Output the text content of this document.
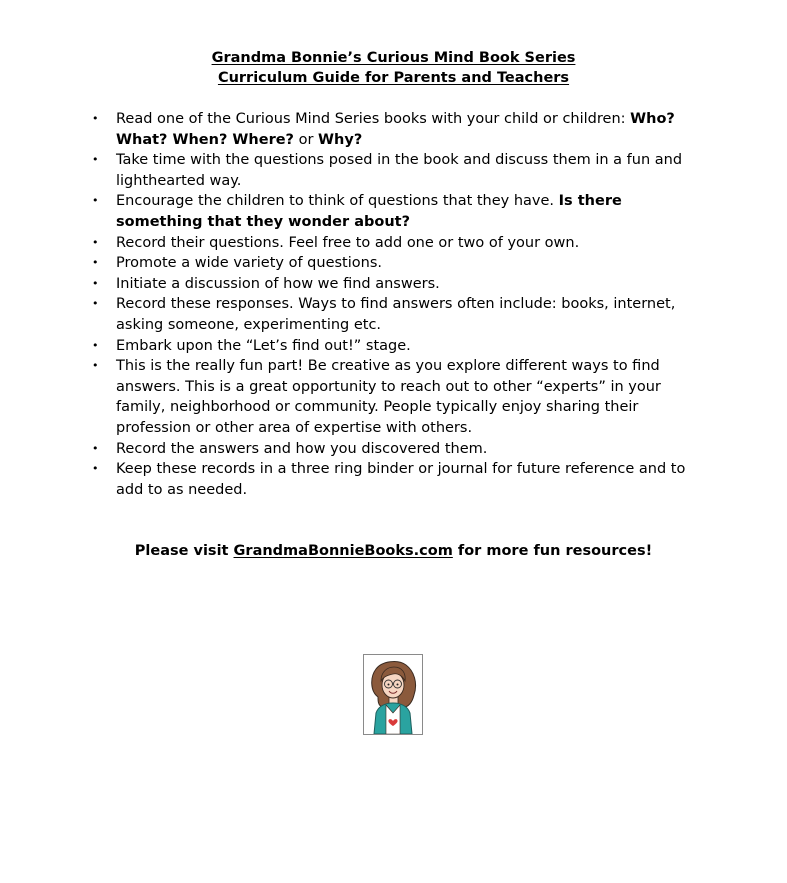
Grandma Bonnie’s Curious Mind Book Series
Curriculum Guide for Parents and Teachers
• Read one of the Curious Mind Series books with your child or children: Who? What? When? Where? or Why?
• Take time with the questions posed in the book and discuss them in a fun and lighthearted way.
• Encourage the children to think of questions that they have. Is there something that they wonder about?
• Record their questions. Feel free to add one or two of your own.
• Promote a wide variety of questions.
• Initiate a discussion of how we find answers.
• Record these responses. Ways to find answers often include: books, internet, asking someone, experimenting etc.
• Embark upon the “Let’s find out!” stage.
• This is the really fun part! Be creative as you explore different ways to find answers. This is a great opportunity to reach out to other “experts” in your family, neighborhood or community. People typically enjoy sharing their profession or other area of expertise with others.
• Record the answers and how you discovered them.
• Keep these records in a three ring binder or journal for future reference and to add to as needed.
Please visit GrandmaBonnieBooks.com for more fun resources!
